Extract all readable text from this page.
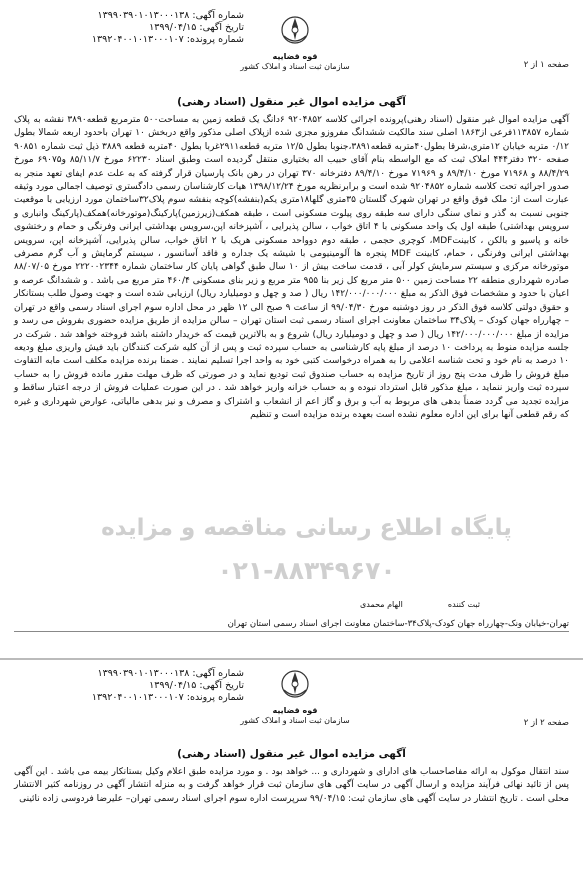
شماره آگهی: ۱۳۹۹۰۳۹۰۱۰۱۳۰۰۰۱۳۸
تاریخ آگهی: ۱۳۹۹/۰۴/۱۵
شماره پرونده: ۱۳۹۲۰۴۰۰۱۰۱۳۰۰۰۱۰۷
قوه قضاییه
سازمان ثبت اسناد و املاک کشور	صفحه ۱ از ۲
آگهی مزایده اموال غیر منقول (اسناد رهنی)
آگهی مزایده اموال غیر منقول (اسناد رهنی)پرونده اجرائی کلاسه ۹۲۰۴۸۵۲ ۶دانگ یک قطعه زمین به مساحت۵۰۰ مترمربع قطعه۳۸۹۰ نقشه به پلاک شماره ۱۱۳۸۵۷فرعی از۱۸۶۳ اصلی سند مالکیت ششدانگ مفروزو مجزی شده ازپلاک اصلی مذکور واقع دربخش ۱۰ تهران باحدود اربعه شمالا بطول ۰/۱۲ متربه خیابان ۱۲متری،شرقا بطول۴۰متربه قطعه۳۸۹۱،جنوبا بطول ۱۲/۵ متربه قطعه۲۹۱۱غربا بطول ۴۰متربه قطعه ۳۸۸۹ ذیل ثبت شماره ۹۰۸۵۱ صفحه ۳۲۰ دفتر۴۴۴ املاک ثبت که مع الواسطه بنام آقای حبیب اله بختیاری منتقل گردیده است وطبق اسناد ۶۲۲۳۰ مورخ ۸۵/۱۱/۷ و۶۹۰۷۵ مورخ ۸۸/۴/۲۹ و ۷۱۹۶۸ مورخ ۸۹/۴/۱۰ و ۷۱۹۶۹ مورخ ۸۹/۴/۱۰ دفترخانه ۳۷۰ تهران در رهن بانک پارسیان قرار گرفته که به علت عدم ایفای تعهد منجر به صدور اجرائیه تحت کلاسه شماره ۹۲۰۴۸۵۲ شده است و برابرنظریه مورخ ۱۳۹۸/۱۲/۲۴ هیات کارشناسان رسمی دادگستری توصیف اجمالی مورد وثیقه عبارت است از: ملک فوق واقع در تهران شهرک گلستان ۳۵متری گلها۱۸متری یکم(بنفشه)کوچه بنفشه سوم پلاک۳۲ساختمان مورد ارزیابی با موقعیت جنوبی نسبت به گذر و نمای سنگی دارای سه طبقه روی پیلوت مسکونی است ، طبقه همکف(زیرزمین)پارکینگ(موتورخانه)همکف(پارکینگ وانباری و سرویس بهداشتی) طبقه اول یک واحد مسکونی با ۴ اتاق خواب ، سالن پذیرایی ، آشپزخانه اپن،سرویس بهداشتی ایرانی وفرنگی و حمام و رختشوی خانه و پاسیو و بالکن ، کابینتMDF، کوچری حجمی ، طبقه دوم دوواحد مسکونی هریک با ۲ اتاق خواب، سالن پذیرایی، آشپزخانه اپن، سرویس بهداشتی ایرانی وفرنگی ، حمام، کابینت MDF پنجره ها آلومینیومی با شیشه یک جداره و فاقد آسانسور ، سیستم گرمایش و آب گرم مصرفی موتورخانه مرکزی و سیستم سرمایش کولر آبی ، قدمت ساخت بیش از ۱۰ سال طبق گواهی پایان کار ساختمان شماره ۲۲۲۰۰۲۳۴۴ مورخ ۸۸/۰۷/۰۵ صادره شهرداری منطقه ۲۲ مساحت زمین ۵۰۰ متر مربع کل زیر بنا ۹۵۵ متر مربع و زیر بنای مسکونی ۴۶۰/۴ متر مربع می باشد . و ششدانگ عرصه و اعیان با حدود و مشخصات فوق الذکر به مبلغ ۱۴۲/۰۰۰/۰۰۰/۰۰۰ ریال ( صد و چهل و دومیلیارد ریال) ارزیابی شده است و جهت وصول طلب بستانکار و حقوق دولتی کلاسه فوق الذکر در روز دوشنبه مورخ ۹۹/۰۴/۳۰ از ساعت ۹ صبح الی ۱۲ ظهر در محل اداره سوم اجرای اسناد رسمی واقع در تهران – چهارراه جهان کودک – پلاک۳۴ ساختمان معاونت اجرای اسناد رسمی ثبت استان تهران – سالن مزایده از طریق مزایده حضوری بفروش می رسد و مزایده از مبلغ ۱۴۲/۰۰۰/۰۰۰/۰۰۰ ریال ( صد و چهل و دومیلیارد ریال) شروع و به بالاترین قیمت که خریدار داشته باشد فروخته خواهد شد . شرکت در جلسه مزایده منوط به پرداخت ۱۰ درصد از مبلغ پایه کارشناسی به حساب سپرده ثبت و پس از آن کلیه شرکت کنندگان باید فیش واریزی مبلغ ودیعه ۱۰ درصد به نام خود و تحت شناسه اعلامی را به همراه درخواست کتبی خود به واحد اجرا تسلیم نمایند . ضمنا برنده مزایده مکلف است مابه التفاوت مبلغ فروش را ظرف مدت پنج روز از تاریخ مزایده به حساب صندوق ثبت تودیع نماید و در صورتی که ظرف مهلت مقرر مانده فروش را به حساب سپرده ثبت واریز ننماید ، مبلغ مذکور قابل استرداد نبوده و به حساب خزانه واریز خواهد شد . در این صورت عملیات فروش از درجه اعتبار ساقط و مزایده تجدید می گردد ضمناً بدهی های مربوط به آب و برق و گاز اعم از انشعاب و اشتراک و مصرف و نیز بدهی مالیاتی، عوارض شهرداری و غیره که رقم قطعی آنها برای این اداره معلوم نشده است بعهده برنده مزایده است و تنظیم
پایگاه اطلاع رسانی مناقصه و مزایده
۰۲۱-۸۸۳۴۹۶۷۰
ثبت کننده  الهام محمدی
تهران-خیابان ونک-چهارراه جهان کودک-پلاک۳۴-ساختمان معاونت اجرای اسناد رسمی استان تهران
شماره آگهی: ۱۳۹۹۰۳۹۰۱۰۱۳۰۰۰۱۳۸
تاریخ آگهی: ۱۳۹۹/۰۴/۱۵
شماره پرونده: ۱۳۹۲۰۴۰۰۱۰۱۳۰۰۰۱۰۷
قوه قضاییه
سازمان ثبت اسناد و املاک کشور	صفحه ۲ از ۲
آگهی مزایده اموال غیر منقول (اسناد رهنی)
سند انتقال موکول به ارائه مفاصاحساب های ادارای و شهرداری و ... خواهد بود . و مورد مزایده طبق اعلام وکیل بستانکار بیمه می باشد . این آگهی پس از تائید نهائی فرآیند مزایده و ارسال آگهی در سایت آگهی های سازمان ثبت قرار خواهد گرفت و به منزله انتشار آگهی در روزنامه کثیر الانتشار محلی است . تاریخ انتشار در سایت آگهی های سازمان ثبت: ۹۹/۰۴/۱۵ سرپرست اداره سوم اجرای اسناد رسمی تهران– علیرضا فردوسی زاده نائینی
